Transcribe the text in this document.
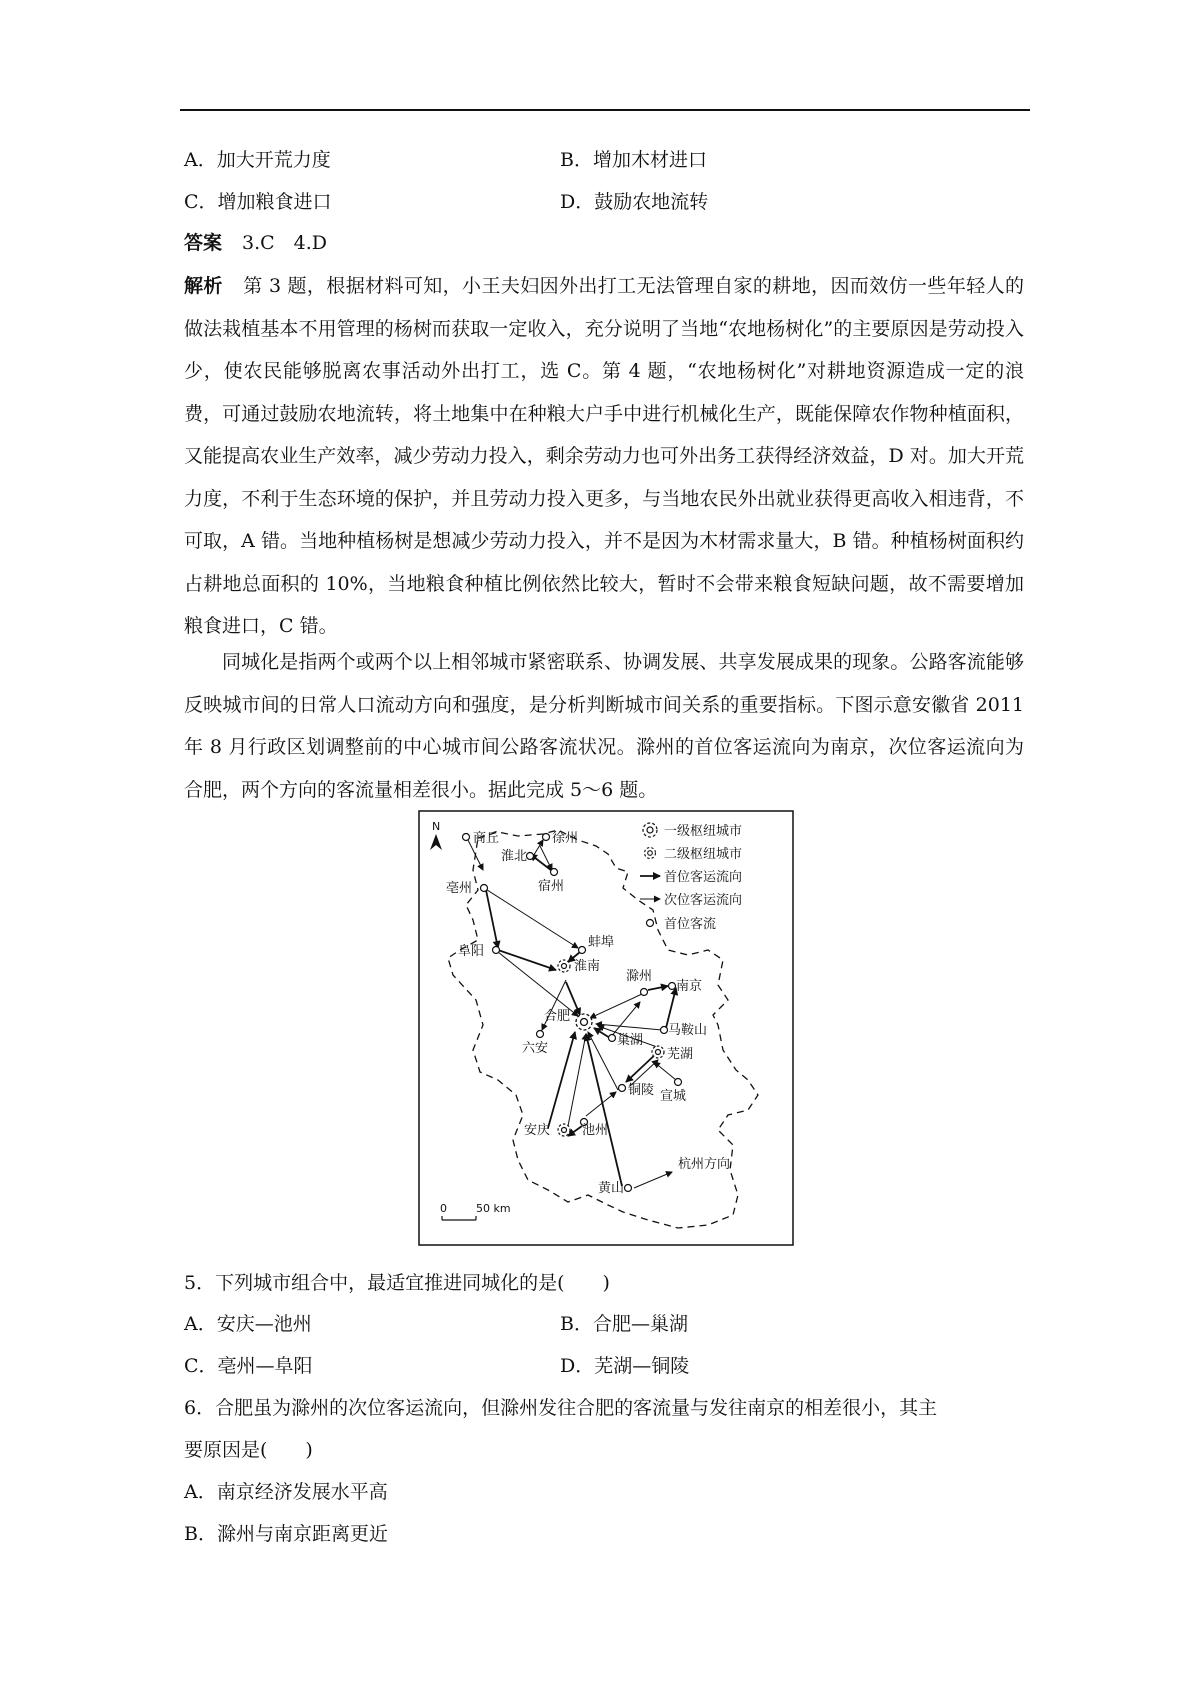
A．加大开荒力度	B．增加木材进口
C．增加粮食进口	D．鼓励农地流转
答案 3.C　4.D
解析 第 3 题，根据材料可知，小王夫妇因外出打工无法管理自家的耕地，因而效仿一些年轻人的做法栽植基本不用管理的杨树而获取一定收入，充分说明了当地“农地杨树化”的主要原因是劳动投入少，使农民能够脱离农事活动外出打工，选 C。第 4 题，“农地杨树化”对耕地资源造成一定的浪费，可通过鼓励农地流转，将土地集中在种粮大户手中进行机械化生产，既能保障农作物种植面积，又能提高农业生产效率，减少劳动力投入，剩余劳动力也可外出务工获得经济效益，D 对。加大开荒力度，不利于生态环境的保护，并且劳动力投入更多，与当地农民外出就业获得更高收入相违背，不可取，A 错。当地种植杨树是想减少劳动力投入，并不是因为木材需求量大，B 错。种植杨树面积约占耕地总面积的 10%，当地粮食种植比例依然比较大，暂时不会带来粮食短缺问题，故不需要增加粮食进口，C 错。
同城化是指两个或两个以上相邻城市紧密联系、协调发展、共享发展成果的现象。公路客流能够反映城市间的日常人口流动方向和强度，是分析判断城市间关系的重要指标。下图示意安徽省 2011 年 8 月行政区划调整前的中心城市间公路客流状况。滁州的首位客运流向为南京，次位客运流向为合肥，两个方向的客流量相差很小。据此完成 5～6 题。
N
商丘	徐州
淮北
宿州
亳州
阜阳
蚌埠
淮南
滁州
南京
合肥
马鞍山
巢湖
芜湖
六安
铜陵 宣城
安庆 池州
黄山
杭州方向
一级枢纽城市
二级枢纽城市
首位客运流向
次位客运流向
首位客流
0	50 km
5．下列城市组合中，最适宜推进同城化的是(　　)
A．安庆—池州	B．合肥—巢湖
C．亳州—阜阳	D．芜湖—铜陵
6．合肥虽为滁州的次位客运流向，但滁州发往合肥的客流量与发往南京的相差很小，其主
要原因是(　　)
A．南京经济发展水平高
B．滁州与南京距离更近
